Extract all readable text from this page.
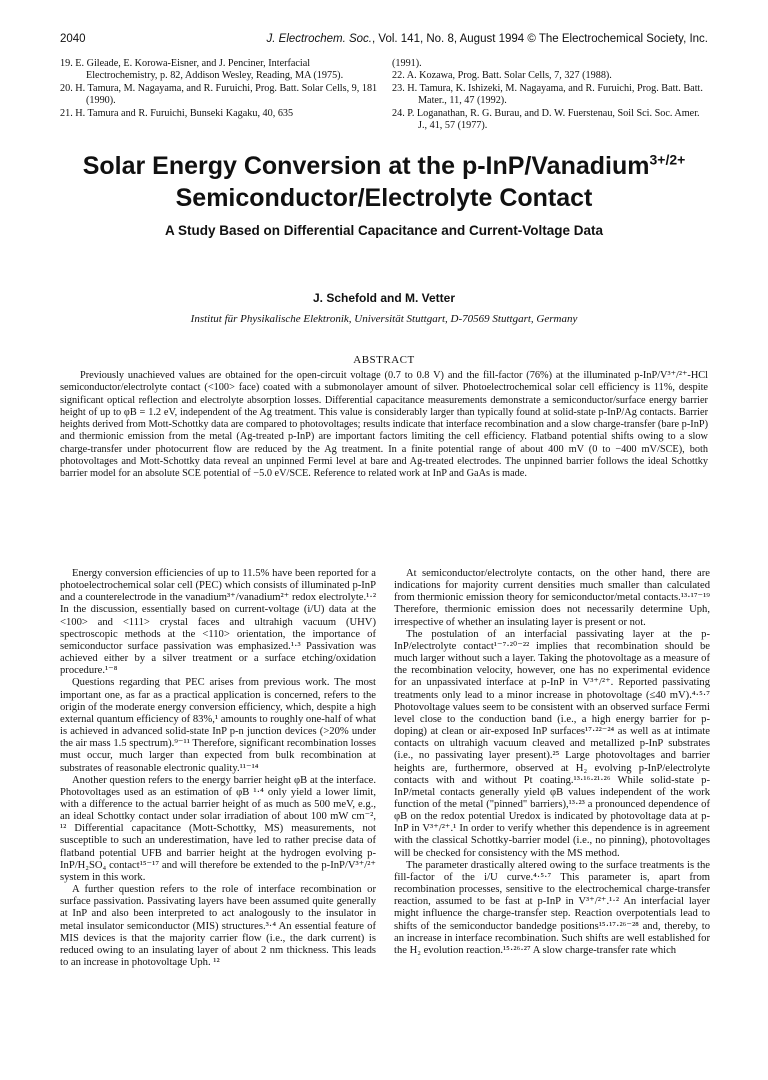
2040	J. Electrochem. Soc., Vol. 141, No. 8, August 1994 © The Electrochemical Society, Inc.
19. E. Gileade, E. Korowa-Eisner, and J. Penciner, Interfacial Electrochemistry, p. 82, Addison Wesley, Reading, MA (1975).
20. H. Tamura, M. Nagayama, and R. Furuichi, Prog. Batt. Solar Cells, 9, 181 (1990).
21. H. Tamura and R. Furuichi, Bunseki Kagaku, 40, 635
(1991).
22. A. Kozawa, Prog. Batt. Solar Cells, 7, 327 (1988).
23. H. Tamura, K. Ishizeki, M. Nagayama, and R. Furuichi, Prog. Batt. Batt. Mater., 11, 47 (1992).
24. P. Loganathan, R. G. Burau, and D. W. Fuerstenau, Soil Sci. Soc. Amer. J., 41, 57 (1977).
Solar Energy Conversion at the p-InP/Vanadium$^{3+/2+}$
Semiconductor/Electrolyte Contact
A Study Based on Differential Capacitance and Current-Voltage Data
J. Schefold and M. Vetter
Institut für Physikalische Elektronik, Universität Stuttgart, D-70569 Stuttgart, Germany
ABSTRACT
Previously unachieved values are obtained for the open-circuit voltage (0.7 to 0.8 V) and the fill-factor (76%) at the illuminated p-InP/V³⁺/²⁺-HCl semiconductor/electrolyte contact (<100> face) coated with a submonolayer amount of silver. Photoelectrochemical solar cell efficiency is 11%, despite significant optical reflection and electrolyte absorption losses. Differential capacitance measurements demonstrate a semiconductor/surface energy barrier height of up to φB = 1.2 eV, independent of the Ag treatment. This value is considerably larger than typically found at solid-state p-InP/Ag contacts. Barrier heights derived from Mott-Schottky data are compared to photovoltages; results indicate that interface recombination and a slow charge-transfer (bare p-InP) and thermionic emission from the metal (Ag-treated p-InP) are important factors limiting the cell efficiency. Flatband potential shifts owing to a slow charge-transfer under photocurrent flow are reduced by the Ag treatment. In a finite potential range of about 400 mV (0 to −400 mV/SCE), both photovoltages and Mott-Schottky data reveal an unpinned Fermi level at bare and Ag-treated electrodes. The unpinned barrier follows the ideal Schottky barrier model for an absolute SCE potential of −5.0 eV/SCE. Reference to related work at InP and GaAs is made.

Energy conversion efficiencies of up to 11.5% have been reported for a photoelectrochemical solar cell (PEC) which consists of illuminated p-InP and a counterelectrode in the vanadium³⁺/vanadium²⁺ redox electrolyte.¹·² In the discussion, essentially based on current-voltage (i/U) data at the <100> and <111> crystal faces and ultrahigh vacuum (UHV) spectroscopic methods at the <110> orientation, the importance of semiconductor surface passivation was emphasized.¹·³ Passivation was achieved either by a silver treatment or a surface etching/oxidation procedure.¹⁻⁸

Questions regarding that PEC arises from previous work. The most important one, as far as a practical application is concerned, refers to the origin of the moderate energy conversion efficiency, which, despite a high external quantum efficiency of 83%,¹ amounts to roughly one-half of what is achieved in advanced solid-state InP p-n junction devices (>20% under the air mass 1.5 spectrum).⁹⁻¹¹ Therefore, significant recombination losses must occur, much larger than expected from bulk recombination at substrates of reasonable electronic quality.¹¹⁻¹⁴

Another question refers to the energy barrier height φB at the interface. Photovoltages used as an estimation of φB ¹·⁴ only yield a lower limit, with a difference to the actual barrier height of as much as 500 meV, e.g., an ideal Schottky contact under solar irradiation of about 100 mW cm⁻², ¹² Differential capacitance (Mott-Schottky, MS) measurements, not susceptible to such an underestimation, have led to rather precise data of flatband potential UFB and barrier height at the hydrogen evolving p-InP/H₂SO₄ contact¹⁵⁻¹⁷ and will therefore be extended to the p-InP/V³⁺/²⁺ system in this work.

A further question refers to the role of interface recombination or surface passivation. Passivating layers have been assumed quite generally at InP and also been interpreted to act analogously to the insulator in metal insulator semiconductor (MIS) structures.³·⁴ An essential feature of MIS devices is that the majority carrier flow (i.e., the dark current) is reduced owing to an insulating layer of about 2 nm thickness. This leads to an increase in photovoltage Uph. ¹²

At semiconductor/electrolyte contacts, on the other hand, there are indications for majority current densities much smaller than calculated from thermionic emission theory for semiconductor/metal contacts.¹³·¹⁷⁻¹⁹ Therefore, thermionic emission does not necessarily determine Uph, irrespective of whether an insulating layer is present or not.

The postulation of an interfacial passivating layer at the p-InP/electrolyte contact¹⁻⁷·²⁰⁻²² implies that recombination should be much larger without such a layer. Taking the photovoltage as a measure of the recombination velocity, however, one has no experimental evidence for an unpassivated interface at p-InP in V³⁺/²⁺. Reported passivating treatments only lead to a minor increase in photovoltage (≤40 mV).⁴·⁵·⁷ Photovoltage values seem to be consistent with an observed surface Fermi level close to the conduction band (i.e., a high energy barrier for p-doping) at clean or air-exposed InP surfaces¹⁷·²²⁻²⁴ as well as at intimate contacts on ultrahigh vacuum cleaved and metallized p-InP substrates (i.e., no passivating layer present).²⁵ Large photovoltages and barrier heights are, furthermore, observed at H₂ evolving p-InP/electrolyte contacts with and without Pt coating.¹³·¹⁶·²¹·²⁶ While solid-state p-InP/metal contacts generally yield φB values independent of the work function of the metal ("pinned" barriers),¹³·²³ a pronounced dependence of φB on the redox potential Uredox is indicated by photovoltage data at p-InP in V³⁺/²⁺.¹ In order to verify whether this dependence is in agreement with the classical Schottky-barrier model (i.e., no pinning), photovoltages will be checked for consistency with the MS method.

The parameter drastically altered owing to the surface treatments is the fill-factor of the i/U curve.⁴·⁵·⁷ This parameter is, apart from recombination processes, sensitive to the electrochemical charge-transfer reaction, assumed to be fast at p-InP in V³⁺/²⁺.¹·² An interfacial layer might influence the charge-transfer step. Reaction overpotentials lead to shifts of the semiconductor bandedge positions¹⁵·¹⁷·²⁶⁻²⁸ and, thereby, to an increase in interface recombination. Such shifts are well established for the H₂ evolution reaction.¹⁵·²⁶·²⁷ A slow charge-transfer rate which
